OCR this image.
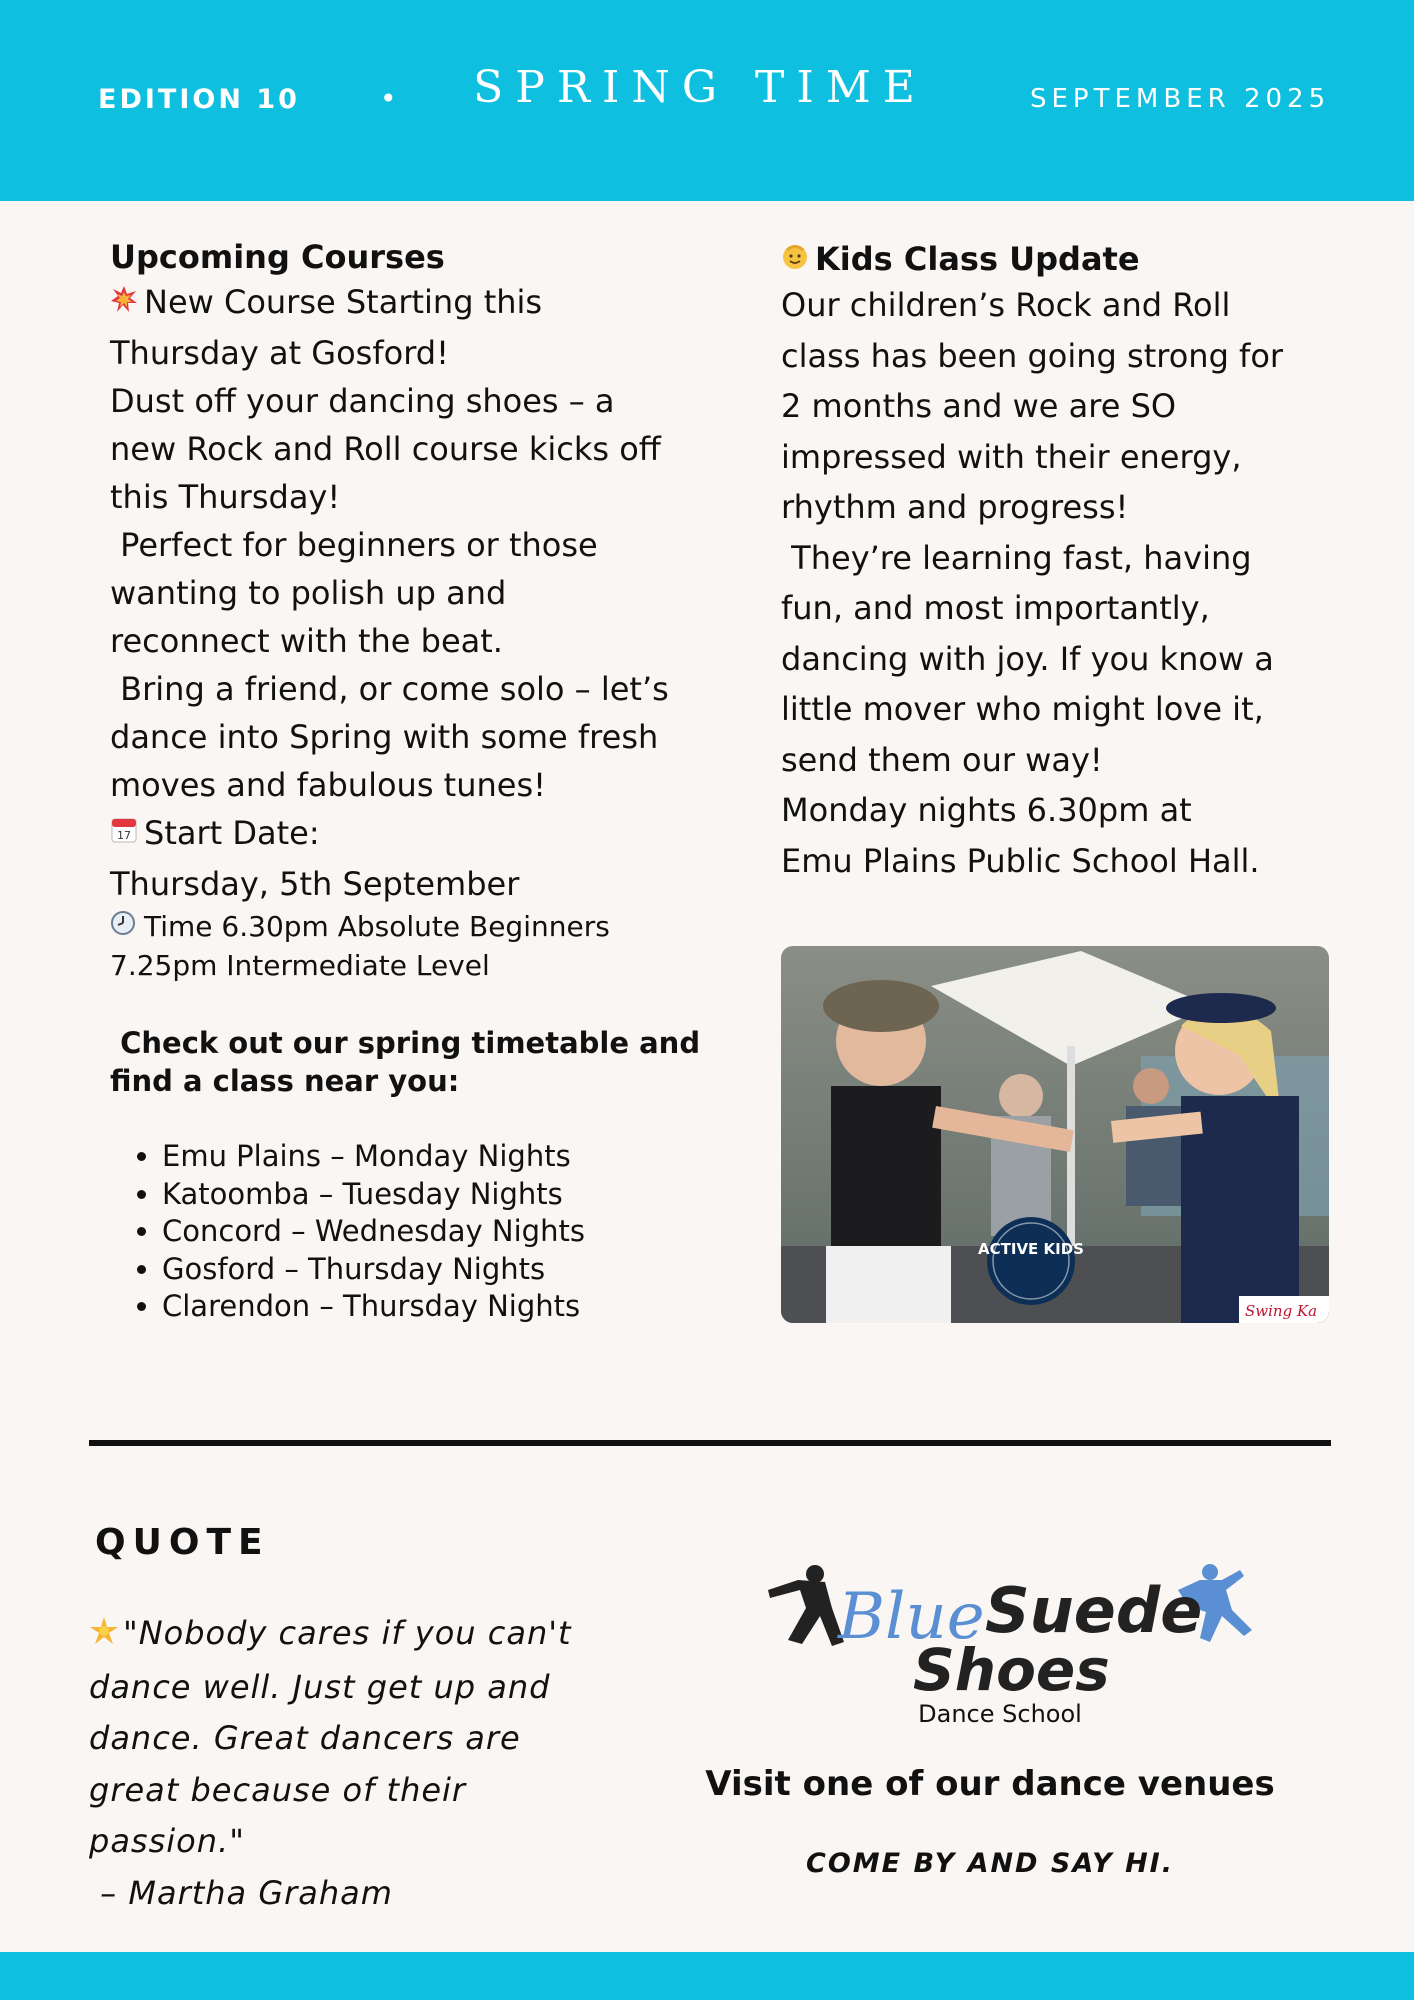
EDITION 10	•	SPRING TIME	SEPTEMBER 2025
Upcoming Courses

New Course Starting this

Thursday at Gosford!

Dust off your dancing shoes – a

new Rock and Roll course kicks off

this Thursday!

Perfect for beginners or those

wanting to polish up and

reconnect with the beat.

Bring a friend, or come solo – let’s

dance into Spring with some fresh

moves and fabulous tunes!

17 Start Date:

Thursday, 5th September

Time 6.30pm Absolute Beginners

7.25pm Intermediate Level

Check out our spring timetable and
find a class near you:
• Emu Plains – Monday Nights
• Katoomba – Tuesday Nights
• Concord – Wednesday Nights
• Gosford – Thursday Nights
• Clarendon – Thursday Nights
Kids Class Update

Our children’s Rock and Roll

class has been going strong for

2 months and we are SO

impressed with their energy,

rhythm and progress!

They’re learning fast, having

fun, and most importantly,

dancing with joy. If you know a

little mover who might love it,

send them our way!

Monday nights 6.30pm at

Emu Plains Public School Hall.

ACTIVE KIDS
Swing Ka
QUOTE
"Nobody cares if you can't
dance well. Just get up and
dance. Great dancers are
great because of their
passion."
– Martha Graham
Blue Suede
Shoes
Dance School
Visit one of our dance venues
COME BY AND SAY HI.
